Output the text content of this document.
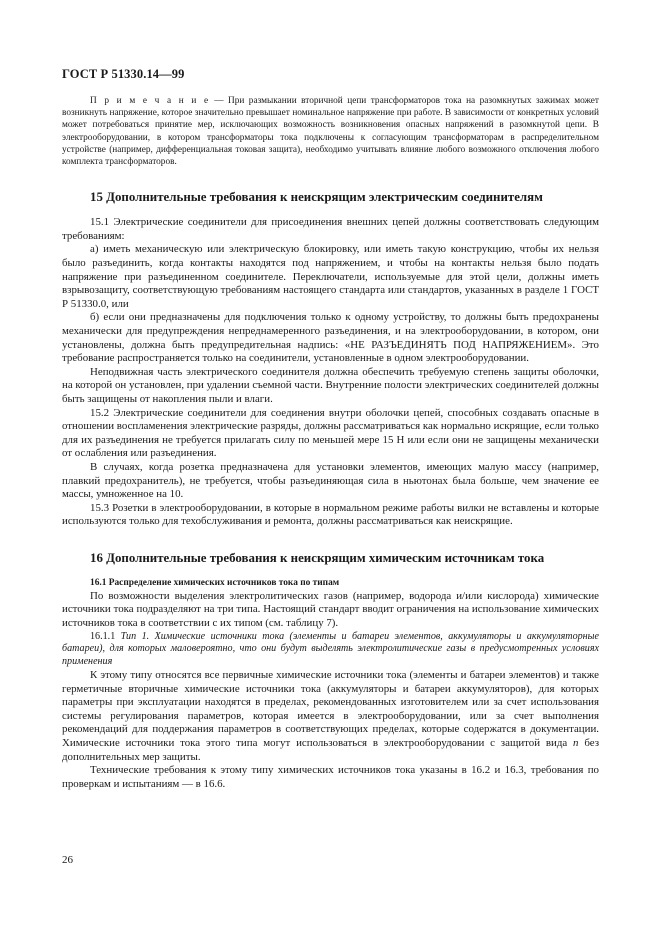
ГОСТ Р 51330.14—99

П р и м е ч а н и е — При размыкании вторичной цепи трансформаторов тока на разомкнутых зажимах может возникнуть напряжение, которое значительно превышает номинальное напряжение при работе. В зависимости от конкретных условий может потребоваться принятие мер, исключающих возможность возникновения опасных напряжений в разомкнутой цепи. В электрооборудовании, в котором трансформаторы тока подключены к согласующим трансформаторам в распределительном устройстве (например, дифференциальная токовая защита), необходимо учитывать влияние любого возможного отключения любого комплекта трансформаторов.

15 Дополнительные требования к неискрящим электрическим соединителям

15.1 Электрические соединители для присоединения внешних цепей должны соответствовать следующим требованиям:

а) иметь механическую или электрическую блокировку, или иметь такую конструкцию, чтобы их нельзя было разъединить, когда контакты находятся под напряжением, и чтобы на контакты нельзя было подать напряжение при разъединенном соединителе. Переключатели, используемые для этой цели, должны иметь взрывозащиту, соответствующую требованиям настоящего стандарта или стандартов, указанных в разделе 1 ГОСТ Р 51330.0, или

б) если они предназначены для подключения только к одному устройству, то должны быть предохранены механически для предупреждения непреднамеренного разъединения, и на электрооборудовании, в котором, они установлены, должна быть предупредительная надпись: «НЕ РАЗЪЕДИНЯТЬ ПОД НАПРЯЖЕНИЕМ». Это требование распространяется только на соединители, установленные в одном электрооборудовании.

Неподвижная часть электрического соединителя должна обеспечить требуемую степень защиты оболочки, на которой он установлен, при удалении съемной части. Внутренние полости электрических соединителей должны быть защищены от накопления пыли и влаги.

15.2 Электрические соединители для соединения внутри оболочки цепей, способных создавать опасные в отношении воспламенения электрические разряды, должны рассматриваться как нормально искрящие, если только для их разъединения не требуется прилагать силу по меньшей мере 15 Н или если они не защищены механически от ослабления или разъединения.

В случаях, когда розетка предназначена для установки элементов, имеющих малую массу (например, плавкий предохранитель), не требуется, чтобы разъединяющая сила в ньютонах была больше, чем значение ее массы, умноженное на 10.

15.3 Розетки в электрооборудовании, в которые в нормальном режиме работы вилки не вставлены и которые используются только для техобслуживания и ремонта, должны рассматриваться как неискрящие.

16 Дополнительные требования к неискрящим химическим источникам тока

16.1 Распределение химических источников тока по типам

По возможности выделения электролитических газов (например, водорода и/или кислорода) химические источники тока подразделяют на три типа. Настоящий стандарт вводит ограничения на использование химических источников тока в соответствии с их типом (см. таблицу 7).

16.1.1 Тип 1. Химические источники тока (элементы и батареи элементов, аккумуляторы и аккумуляторные батареи), для которых маловероятно, что они будут выделять электролитические газы в предусмотренных условиях применения

К этому типу относятся все первичные химические источники тока (элементы и батареи элементов) и также герметичные вторичные химические источники тока (аккумуляторы и батареи аккумуляторов), для которых параметры при эксплуатации находятся в пределах, рекомендованных изготовителем или за счет использования системы регулирования параметров, которая имеется в электрооборудовании, или за счет выполнения рекомендаций для поддержания параметров в соответствующих пределах, которые содержатся в документации. Химические источники тока этого типа могут использоваться в электрооборудовании с защитой вида n без дополнительных мер защиты.

Технические требования к этому типу химических источников тока указаны в 16.2 и 16.3, требования по проверкам и испытаниям — в 16.6.

26
